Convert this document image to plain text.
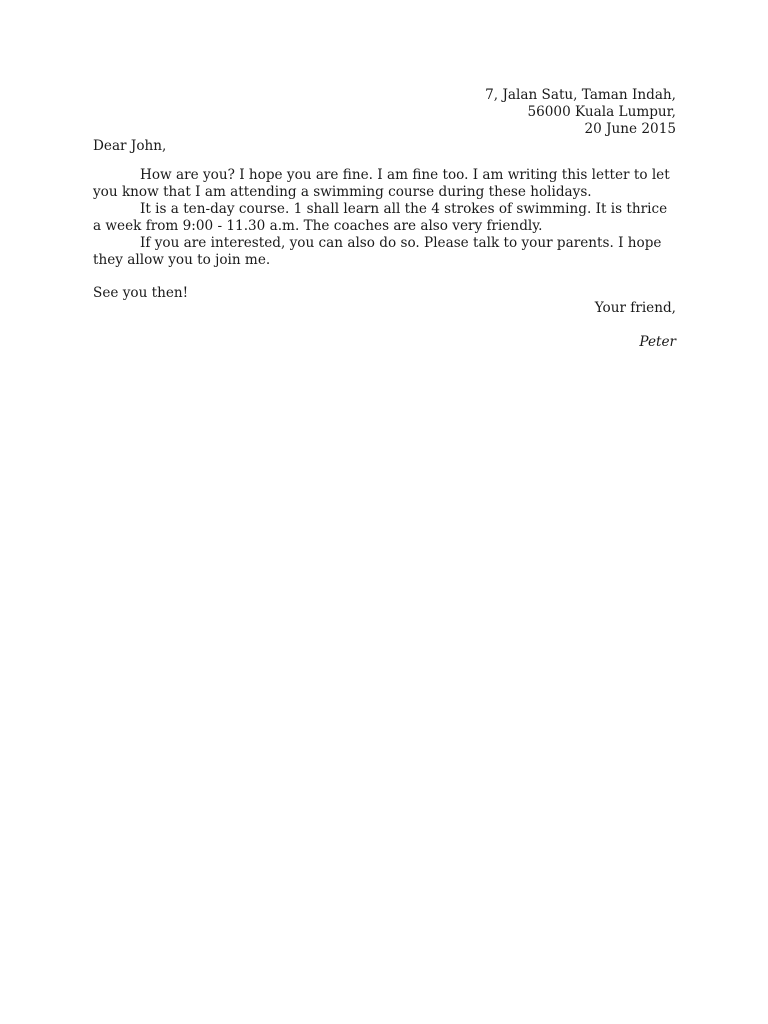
7, Jalan Satu, Taman Indah,
56000 Kuala Lumpur,
20 June 2015
Dear John,

How are you? I hope you are fine. I am fine too. I am writing this letter to let you know that I am attending a swimming course during these holidays.

It is a ten-day course. 1 shall learn all the 4 strokes of swimming. It is thrice a week from 9:00 - 11.30 a.m. The coaches are also very friendly.

If you are interested, you can also do so. Please talk to your parents. I hope they allow you to join me.

See you then!
Your friend,
Peter
